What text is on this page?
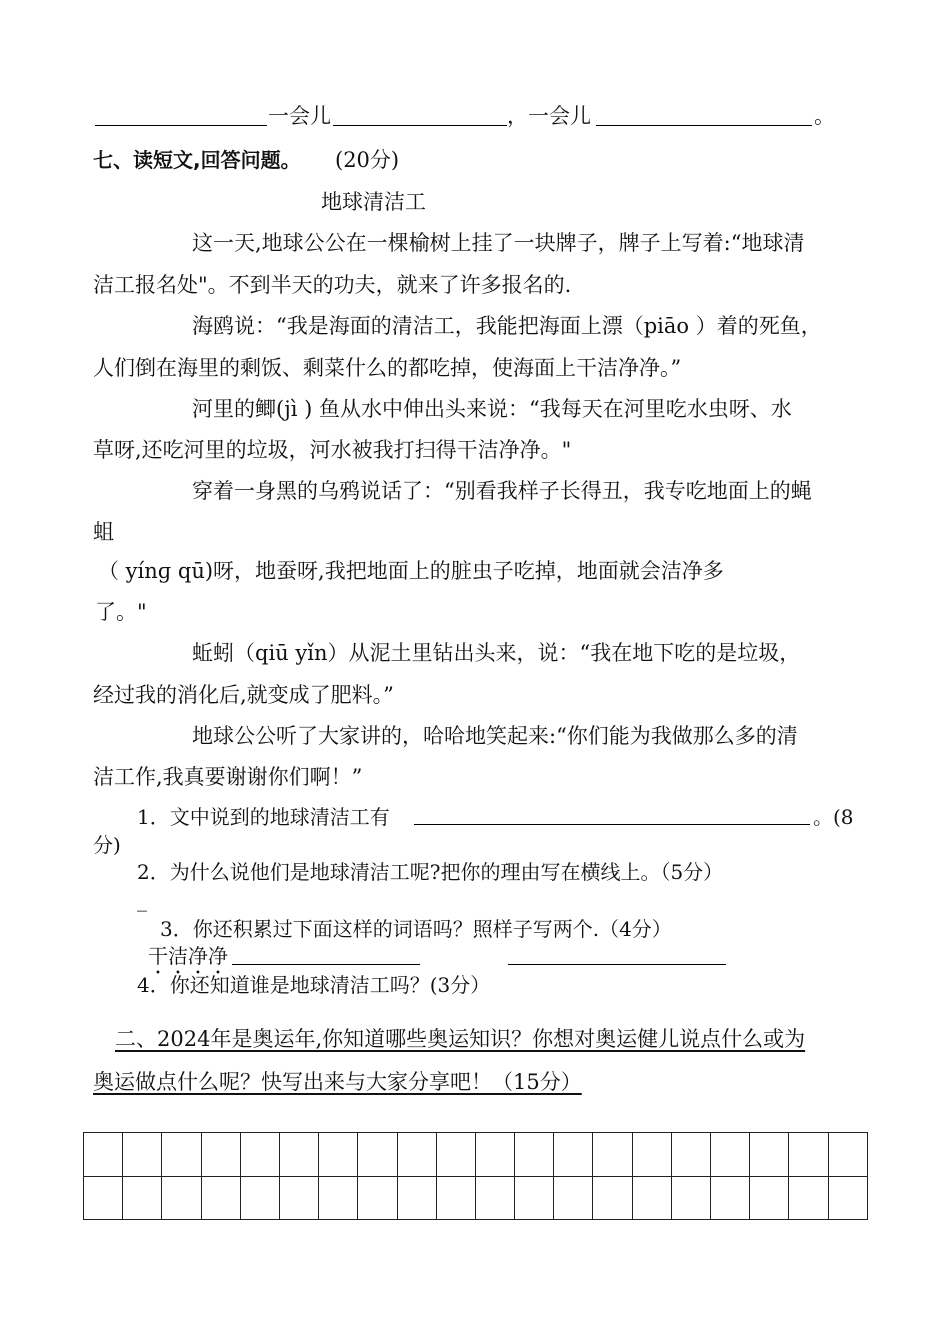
一会儿	，一会儿	。
七、读短文,回答问题。 (20分)
地球清洁工
这一天,地球公公在一棵榆树上挂了一块牌子，牌子上写着:“地球清
洁工报名处"。不到半天的功夫，就来了许多报名的.
海鸥说：“我是海面的清洁工，我能把海面上漂（piāo ）着的死鱼，
人们倒在海里的剩饭、剩菜什么的都吃掉，使海面上干洁净净。”
河里的鲫(jì ) 鱼从水中伸出头来说：“我每天在河里吃水虫呀、水
草呀,还吃河里的垃圾，河水被我打扫得干洁净净。"
穿着一身黑的乌鸦说话了：“别看我样子长得丑，我专吃地面上的蝇
蛆
（ yínɡ qū)呀，地蚕呀,我把地面上的脏虫子吃掉，地面就会洁净多
了。"
蚯蚓（qiū yǐn）从泥土里钻出头来，说：“我在地下吃的是垃圾，
经过我的消化后,就变成了肥料。”
地球公公听了大家讲的，哈哈地笑起来:“你们能为我做那么多的清
洁工作,我真要谢谢你们啊！”
1．文中说到的地球清洁工有	。(8
分)
2．为什么说他们是地球清洁工呢?把你的理由写在横线上。（5分）
_
3．你还积累过下面这样的词语吗？照样子写两个.（4分）
干洁净净
4．你还知道谁是地球清洁工吗？(3分）
二、2024年是奥运年,你知道哪些奥运知识？你想对奥运健儿说点什么或为
奥运做点什么呢？快写出来与大家分享吧！（15分）
